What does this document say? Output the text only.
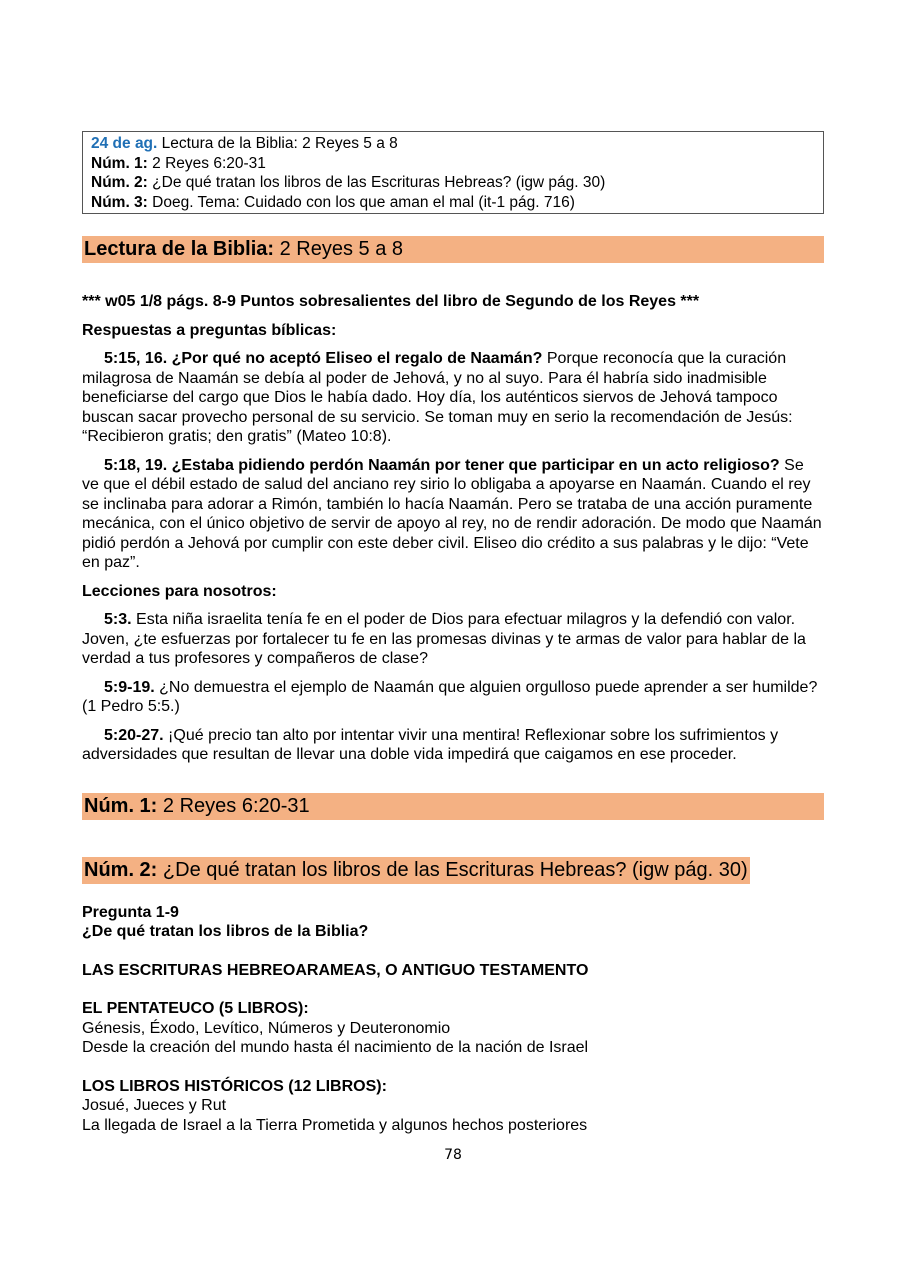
24 de ag. Lectura de la Biblia: 2 Reyes 5 a 8
Núm. 1: 2 Reyes 6:20-31
Núm. 2: ¿De qué tratan los libros de las Escrituras Hebreas? (igw pág. 30)
Núm. 3: Doeg. Tema: Cuidado con los que aman el mal (it-1 pág. 716)
Lectura de la Biblia: 2 Reyes 5 a 8

*** w05 1/8 págs. 8-9 Puntos sobresalientes del libro de Segundo de los Reyes ***

Respuestas a preguntas bíblicas:

5:15, 16. ¿Por qué no aceptó Eliseo el regalo de Naamán? Porque reconocía que la curación milagrosa de Naamán se debía al poder de Jehová, y no al suyo. Para él habría sido inadmisible beneficiarse del cargo que Dios le había dado. Hoy día, los auténticos siervos de Jehová tampoco buscan sacar provecho personal de su servicio. Se toman muy en serio la recomendación de Jesús: “Recibieron gratis; den gratis” (Mateo 10:8).

5:18, 19. ¿Estaba pidiendo perdón Naamán por tener que participar en un acto religioso? Se ve que el débil estado de salud del anciano rey sirio lo obligaba a apoyarse en Naamán. Cuando el rey se inclinaba para adorar a Rimón, también lo hacía Naamán. Pero se trataba de una acción puramente mecánica, con el único objetivo de servir de apoyo al rey, no de rendir adoración. De modo que Naamán pidió perdón a Jehová por cumplir con este deber civil. Eliseo dio crédito a sus palabras y le dijo: “Vete en paz”.

Lecciones para nosotros:

5:3. Esta niña israelita tenía fe en el poder de Dios para efectuar milagros y la defendió con valor. Joven, ¿te esfuerzas por fortalecer tu fe en las promesas divinas y te armas de valor para hablar de la verdad a tus profesores y compañeros de clase?

5:9-19. ¿No demuestra el ejemplo de Naamán que alguien orgulloso puede aprender a ser humilde? (1 Pedro 5:5.)

5:20-27. ¡Qué precio tan alto por intentar vivir una mentira! Reflexionar sobre los sufrimientos y adversidades que resultan de llevar una doble vida impedirá que caigamos en ese proceder.

Núm. 1: 2 Reyes 6:20-31
Núm. 2: ¿De qué tratan los libros de las Escrituras Hebreas? (igw pág. 30)

Pregunta 1-9

¿De qué tratan los libros de la Biblia?

LAS ESCRITURAS HEBREOARAMEAS, O ANTIGUO TESTAMENTO

EL PENTATEUCO (5 LIBROS):

Génesis, Éxodo, Levítico, Números y Deuteronomio

Desde la creación del mundo hasta él nacimiento de la nación de Israel

LOS LIBROS HISTÓRICOS (12 LIBROS):

Josué, Jueces y Rut

La llegada de Israel a la Tierra Prometida y algunos hechos posteriores

78
